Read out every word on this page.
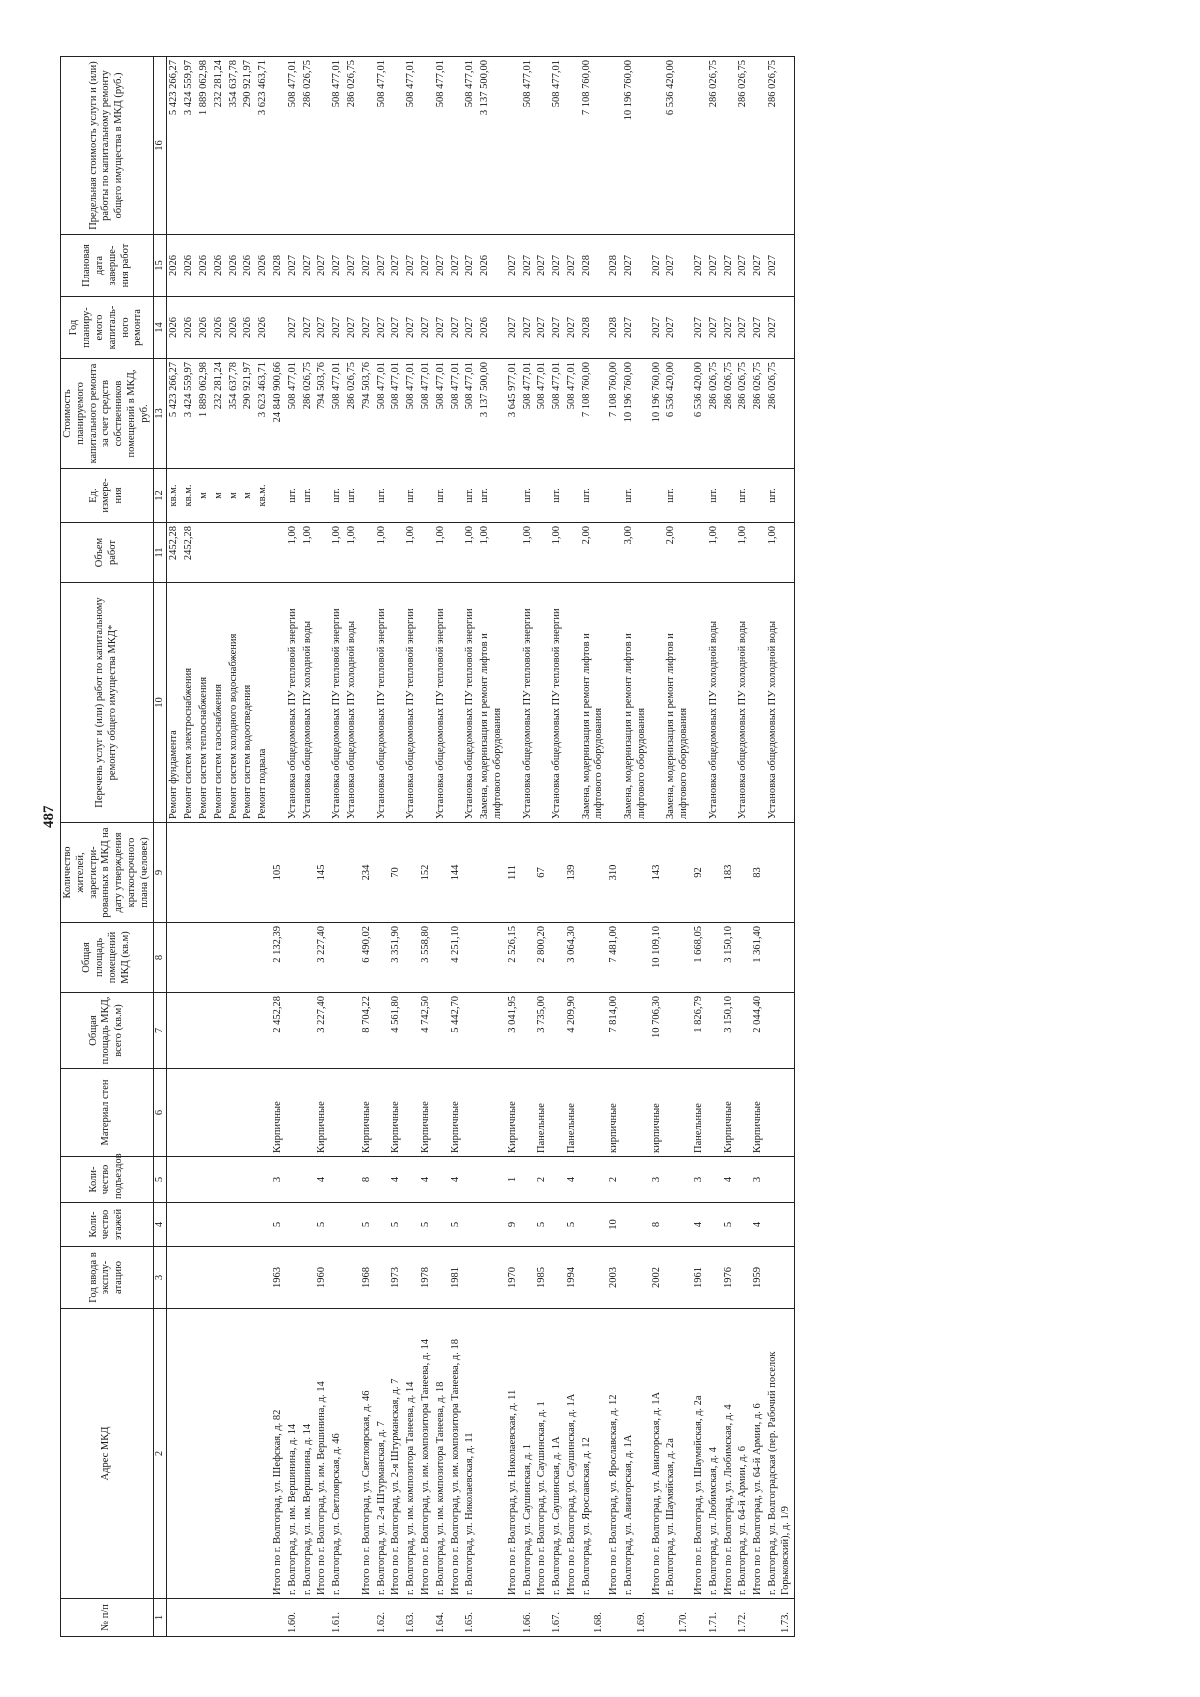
487
№ п/п	Адрес МКД	Год ввода в эксплу-атацию	Коли-чество этажей	Коли-чество подъездов	Материал стен	Общая площадь МКД, всего (кв.м)	Общая площадь помещений МКД (кв.м)	Количество жителей, зарегистри-рованных в МКД на дату утверждения краткосрочного плана (человек)	Перечень услуг и (или) работ по капитальному ремонту общего имущества МКД*	Объем работ	Ед. измере-ния	Стоимость планируемого капитального ремонта за счет средств собственников помещений в МКД, руб.	Год планиру-емого капиталь-ного ремонта	Плановая дата заверше-ния работ	Предельная стоимость услуги и (или) работы по капитальному ремонту общего имущества в МКД (руб.)
1	2	3	4	5	6	7	8	9	10	11	12	13	14	15	16
									Ремонт фундамента	2452,28	кв.м.	5 423 266,27	2026	2026	5 423 266,27
									Ремонт систем электроснабжения	2452,28	кв.м.	3 424 559,97	2026	2026	3 424 559,97
									Ремонт систем теплоснабжения		м	1 889 062,98	2026	2026	1 889 062,98
									Ремонт систем газоснабжения		м	232 281,24	2026	2026	232 281,24
									Ремонт систем холодного водоснабжения		м	354 637,78	2026	2026	354 637,78
									Ремонт систем водоотведения		м	290 921,97	2026	2026	290 921,97
									Ремонт подвала		кв.м.	3 623 463,71	2026	2026	3 623 463,71
	Итого по г. Волгоград, ул. Шефская, д. 82	1963	5	3	Кирпичные	2 452,28	2 132,39	105				24 840 900,66		2028	
1.60.	г. Волгоград, ул. им. Вершинина, д. 14								Установка общедомовых ПУ тепловой энергии	1,00	шт.	508 477,01	2027	2027	508 477,01
	г. Волгоград, ул. им. Вершинина, д. 14								Установка общедомовых ПУ холодной воды	1,00	шт.	286 026,75	2027	2027	286 026,75
	Итого по г. Волгоград, ул. им. Вершинина, д. 14	1960	5	4	Кирпичные	3 227,40	3 227,40	145				794 503,76	2027	2027	
1.61.	г. Волгоград, ул. Светлоярская, д. 46								Установка общедомовых ПУ тепловой энергии	1,00	шт.	508 477,01	2027	2027	508 477,01
									Установка общедомовых ПУ холодной воды	1,00	шт.	286 026,75	2027	2027	286 026,75
	Итого по г. Волгоград, ул. Светлоярская, д. 46	1968	5	8	Кирпичные	8 704,22	6 490,02	234				794 503,76	2027	2027	
1.62.	г. Волгоград, ул. 2-я Штурманская, д. 7								Установка общедомовых ПУ тепловой энергии	1,00	шт.	508 477,01	2027	2027	508 477,01
	Итого по г. Волгоград, ул. 2-я Штурманская, д. 7	1973	5	4	Кирпичные	4 561,80	3 351,90	70				508 477,01	2027	2027	
1.63.	г. Волгоград, ул. им. композитора Танеева, д. 14								Установка общедомовых ПУ тепловой энергии	1,00	шт.	508 477,01	2027	2027	508 477,01
	Итого по г. Волгоград, ул. им. композитора Танеева, д. 14	1978	5	4	Кирпичные	4 742,50	3 558,80	152				508 477,01	2027	2027	
1.64.	г. Волгоград, ул. им. композитора Танеева, д. 18								Установка общедомовых ПУ тепловой энергии	1,00	шт.	508 477,01	2027	2027	508 477,01
	Итого по г. Волгоград, ул. им. композитора Танеева, д. 18	1981	5	4	Кирпичные	5 442,70	4 251,10	144				508 477,01	2027	2027	
1.65.	г. Волгоград, ул. Николаевская, д. 11								Установка общедомовых ПУ тепловой энергии	1,00	шт.	508 477,01	2027	2027	508 477,01
									Замена, модернизация и ремонт лифтов и лифтового оборудования	1,00	шт.	3 137 500,00	2026	2026	3 137 500,00
	Итого по г. Волгоград, ул. Николаевская, д. 11	1970	9	1	Кирпичные	3 041,95	2 526,15	111				3 645 977,01	2027	2027	
1.66.	г. Волгоград, ул. Саушинская, д. 1								Установка общедомовых ПУ тепловой энергии	1,00	шт.	508 477,01	2027	2027	508 477,01
	Итого по г. Волгоград, ул. Саушинская, д. 1	1985	5	2	Панельные	3 735,00	2 800,20	67				508 477,01	2027	2027	
1.67.	г. Волгоград, ул. Саушинская, д. 1А								Установка общедомовых ПУ тепловой энергии	1,00	шт.	508 477,01	2027	2027	508 477,01
	Итого по г. Волгоград, ул. Саушинская, д. 1А	1994	5	4	Панельные	4 209,90	3 064,30	139				508 477,01	2027	2027	
1.68.	г. Волгоград, ул. Ярославская, д. 12								Замена, модернизация и ремонт лифтов и лифтового оборудования	2,00	шт.	7 108 760,00	2028	2028	7 108 760,00
	Итого по г. Волгоград, ул. Ярославская, д. 12	2003	10	2	кирпичные	7 814,00	7 481,00	310				7 108 760,00	2028	2028	
1.69.	г. Волгоград, ул. Авиаторская, д. 1А								Замена, модернизация и ремонт лифтов и лифтового оборудования	3,00	шт.	10 196 760,00	2027	2027	10 196 760,00
	Итого по г. Волгоград, ул. Авиаторская, д. 1А	2002	8	3	кирпичные	10 706,30	10 109,10	143				10 196 760,00	2027	2027	
1.70.	г. Волгоград, ул. Шаумяйская, д. 2а								Замена, модернизация и ремонт лифтов и лифтового оборудования	2,00	шт.	6 536 420,00	2027	2027	6 536 420,00
	Итого по г. Волгоград, ул. Шаумяйская, д. 2а	1961	4	3	Панельные	1 826,79	1 668,05	92				6 536 420,00	2027	2027	
1.71.	г. Волгоград, ул. Любимская, д. 4								Установка общедомовых ПУ холодной воды	1,00	шт.	286 026,75	2027	2027	286 026,75
	Итого по г. Волгоград, ул. Любимская, д. 4	1976	5	4	Кирпичные	3 150,10	3 150,10	183				286 026,75	2027	2027	
1.72.	г. Волгоград, ул. 64-й Армии, д. 6								Установка общедомовых ПУ холодной воды	1,00	шт.	286 026,75	2027	2027	286 026,75
	Итого по г. Волгоград, ул. 64-й Армии, д. 6	1959	4	3	Кирпичные	2 044,40	1 361,40	83				286 026,75	2027	2027	
1.73.	г. Волгоград, ул. Волгоградская (пер. Рабочий поселок Горьковский), д. 1/9								Установка общедомовых ПУ холодной воды	1,00	шт.	286 026,75	2027	2027	286 026,75
